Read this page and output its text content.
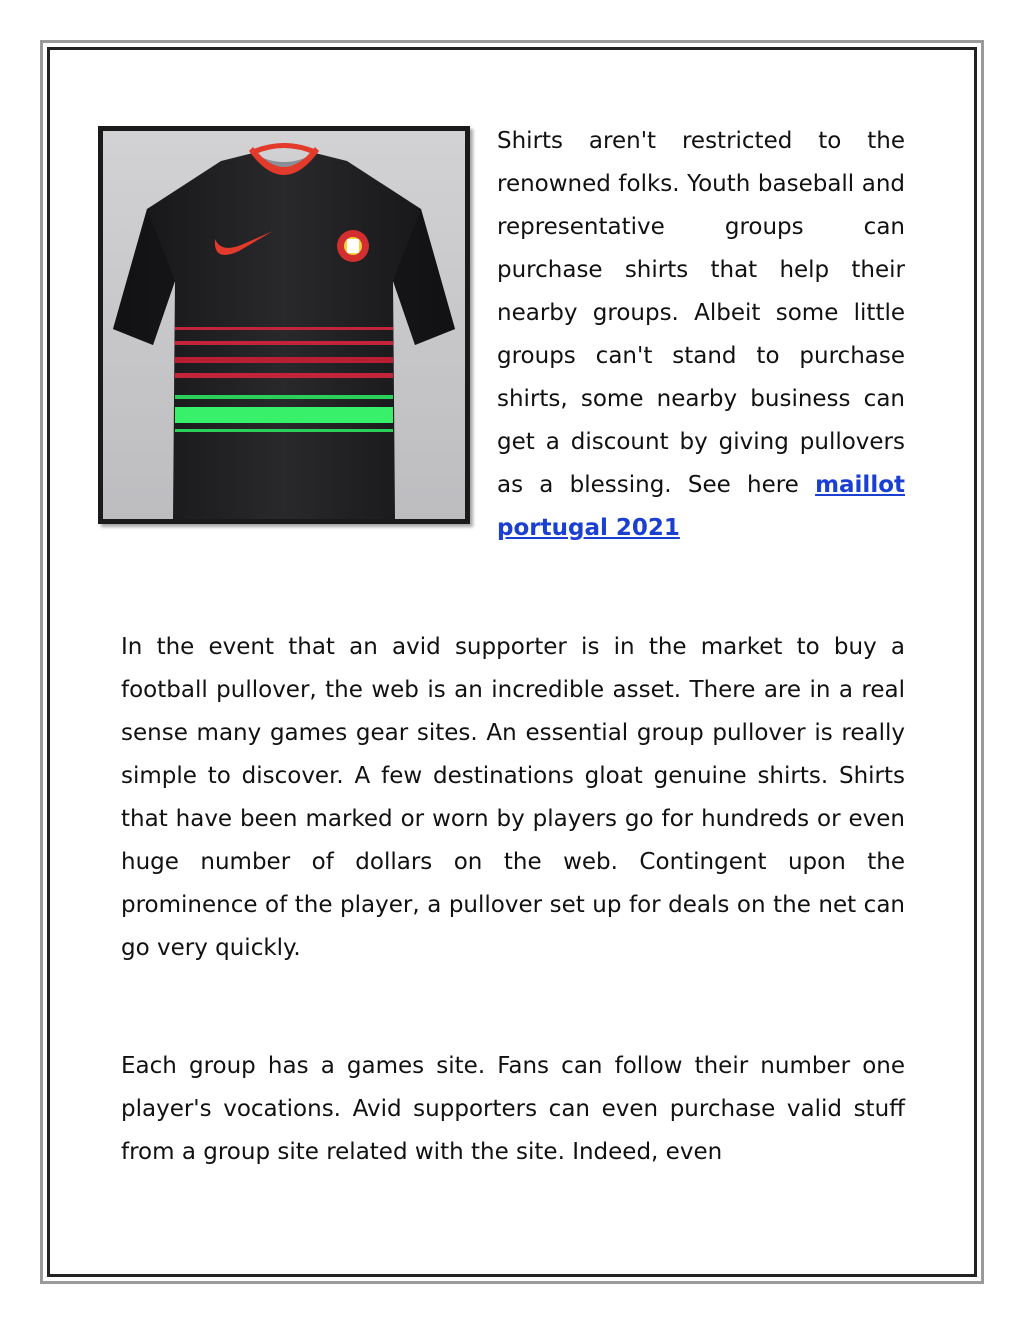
Shirts aren't restricted to the renowned folks. Youth baseball and representative groups can purchase shirts that help their nearby groups. Albeit some little groups can't stand to purchase shirts, some nearby business can get a discount by giving pullovers as a blessing. See here maillot portugal 2021

In the event that an avid supporter is in the market to buy a football pullover, the web is an incredible asset. There are in a real sense many games gear sites. An essential group pullover is really simple to discover. A few destinations gloat genuine shirts. Shirts that have been marked or worn by players go for hundreds or even huge number of dollars on the web. Contingent upon the prominence of the player, a pullover set up for deals on the net can go very quickly.

Each group has a games site. Fans can follow their number one player's vocations. Avid supporters can even purchase valid stuff from a group site related with the site. Indeed, even
